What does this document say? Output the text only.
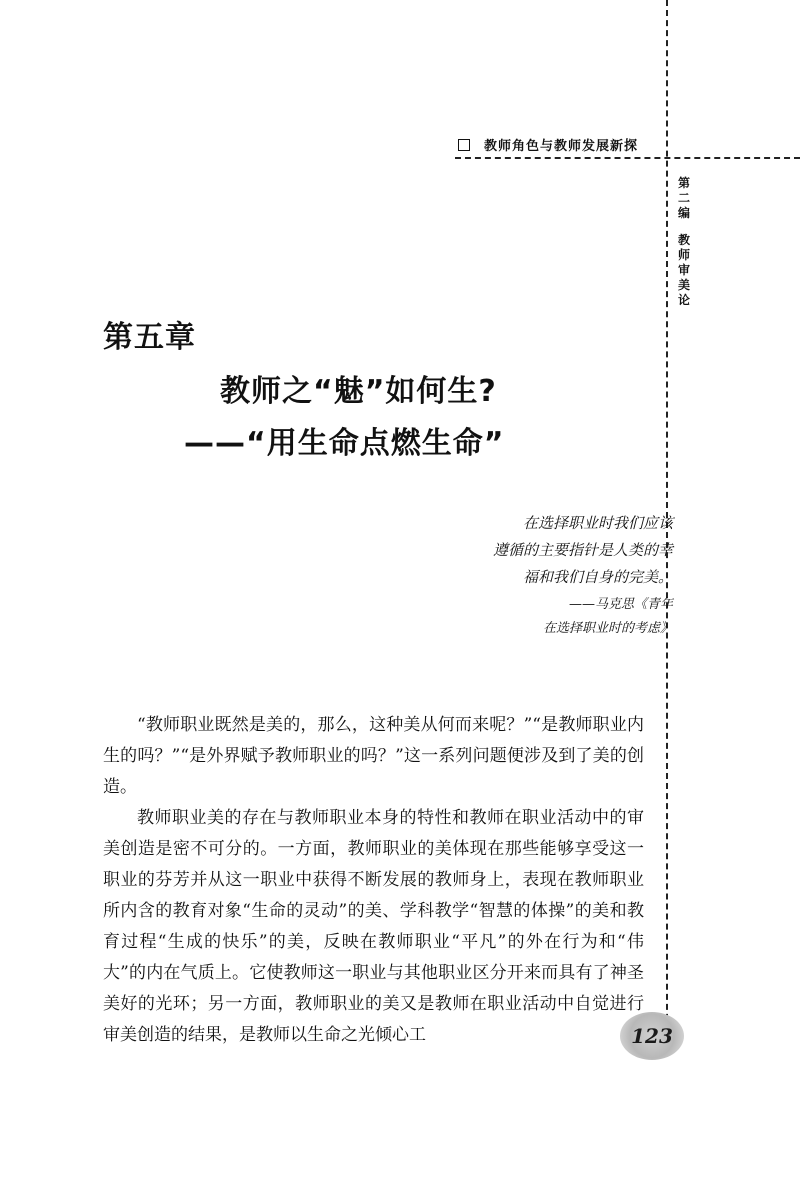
教师角色与教师发展新探
第二编
教师审美论
第五章
教师之“魅”如何生?
——“用生命点燃生命”
在选择职业时我们应该
遵循的主要指针是人类的幸
福和我们自身的完美。
——马克思《青年
在选择职业时的考虑》

“教师职业既然是美的，那么，这种美从何而来呢？”“是教师职业内生的吗？”“是外界赋予教师职业的吗？”这一系列问题便涉及到了美的创造。

教师职业美的存在与教师职业本身的特性和教师在职业活动中的审美创造是密不可分的。一方面，教师职业的美体现在那些能够享受这一职业的芬芳并从这一职业中获得不断发展的教师身上，表现在教师职业所内含的教育对象“生命的灵动”的美、学科教学“智慧的体操”的美和教育过程“生成的快乐”的美，反映在教师职业“平凡”的外在行为和“伟大”的内在气质上。它使教师这一职业与其他职业区分开来而具有了神圣美好的光环；另一方面，教师职业的美又是教师在职业活动中自觉进行审美创造的结果，是教师以生命之光倾心工	123
